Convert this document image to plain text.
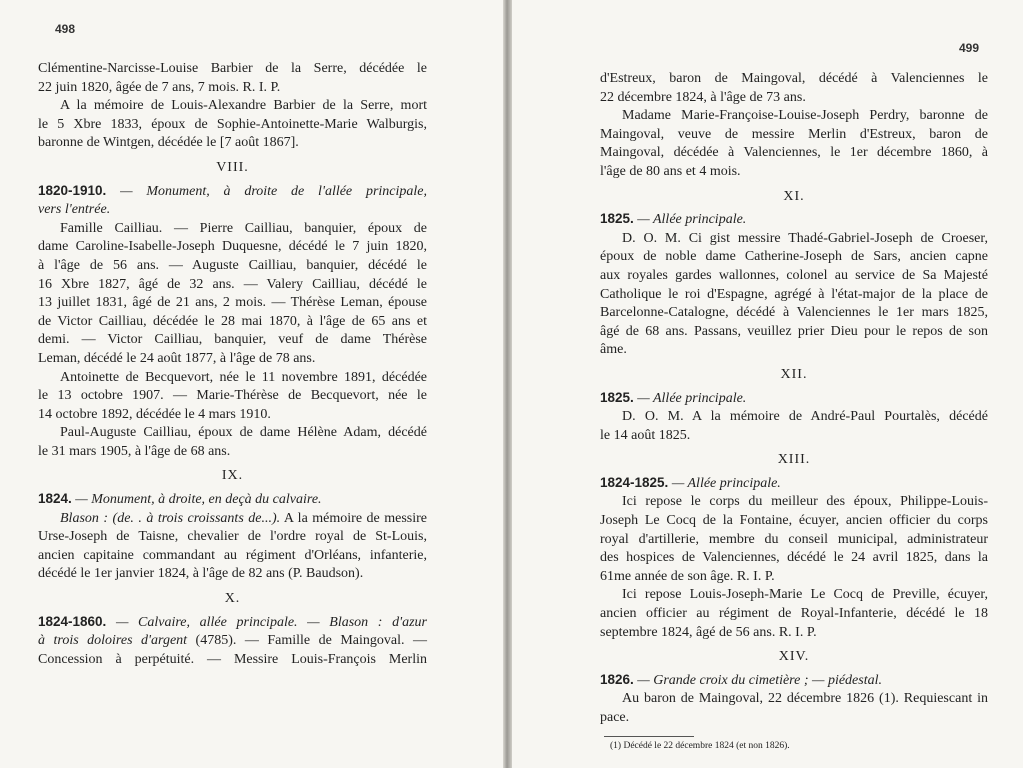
498
Clémentine-Narcisse-Louise Barbier de la Serre, décédée le
22 juin 1820, âgée de 7 ans, 7 mois. R. I. P.
A la mémoire de Louis-Alexandre Barbier de la Serre, mort
le 5 Xbre 1833, époux de Sophie-Antoinette-Marie Walburgis,
baronne de Wintgen, décédée le [7 août 1867].
VIII.
1820-1910. — Monument, à droite de l'allée principale,
vers l'entrée.
Famille Cailliau. — Pierre Cailliau, banquier, époux de
dame Caroline-Isabelle-Joseph Duquesne, décédé le 7 juin 1820,
à l'âge de 56 ans. — Auguste Cailliau, banquier, décédé le
16 Xbre 1827, âgé de 32 ans. — Valery Cailliau, décédé le
13 juillet 1831, âgé de 21 ans, 2 mois. — Thérèse Leman, épouse
de Victor Cailliau, décédée le 28 mai 1870, à l'âge de 65 ans et
demi. — Victor Cailliau, banquier, veuf de dame Thérèse
Leman, décédé le 24 août 1877, à l'âge de 78 ans.
Antoinette de Becquevort, née le 11 novembre 1891, décédée
le 13 octobre 1907. — Marie-Thérèse de Becquevort, née le
14 octobre 1892, décédée le 4 mars 1910.
Paul-Auguste Cailliau, époux de dame Hélène Adam, décédé
le 31 mars 1905, à l'âge de 68 ans.
IX.
1824. — Monument, à droite, en deçà du calvaire.
Blason : (de. . à trois croissants de...). A la mémoire de messire
Urse-Joseph de Taisne, chevalier de l'ordre royal de St-Louis,
ancien capitaine commandant au régiment d'Orléans, infanterie,
décédé le 1er janvier 1824, à l'âge de 82 ans (P. Baudson).
X.
1824-1860. — Calvaire, allée principale. — Blason : d'azur
à trois doloires d'argent (4785). — Famille de Maingoval. —
Concession à perpétuité. — Messire Louis-François Merlin
499
d'Estreux, baron de Maingoval, décédé à Valenciennes le
22 décembre 1824, à l'âge de 73 ans.
Madame Marie-Françoise-Louise-Joseph Perdry, baronne de
Maingoval, veuve de messire Merlin d'Estreux, baron de
Maingoval, décédée à Valenciennes, le 1er décembre 1860, à
l'âge de 80 ans et 4 mois.
XI.
1825. — Allée principale.
D. O. M. Ci gist messire Thadé-Gabriel-Joseph de Croeser,
époux de noble dame Catherine-Joseph de Sars, ancien capne
aux royales gardes wallonnes, colonel au service de Sa Majesté
Catholique le roi d'Espagne, agrégé à l'état-major de la place de
Barcelonne-Catalogne, décédé à Valenciennes le 1er mars 1825,
âgé de 68 ans. Passans, veuillez prier Dieu pour le repos de son
âme.
XII.
1825. — Allée principale.
D. O. M. A la mémoire de André-Paul Pourtalès, décédé
le 14 août 1825.
XIII.
1824-1825. — Allée principale.
Ici repose le corps du meilleur des époux, Philippe-Louis-
Joseph Le Cocq de la Fontaine, écuyer, ancien officier du corps
royal d'artillerie, membre du conseil municipal, administrateur
des hospices de Valenciennes, décédé le 24 avril 1825, dans la
61me année de son âge. R. I. P.
Ici repose Louis-Joseph-Marie Le Cocq de Preville, écuyer,
ancien officier au régiment de Royal-Infanterie, décédé le 18
septembre 1824, âgé de 56 ans. R. I. P.
XIV.
1826. — Grande croix du cimetière ; — piédestal.
Au baron de Maingoval, 22 décembre 1826 (1). Requiescant in
pace.
(1) Décédé le 22 décembre 1824 (et non 1826).
